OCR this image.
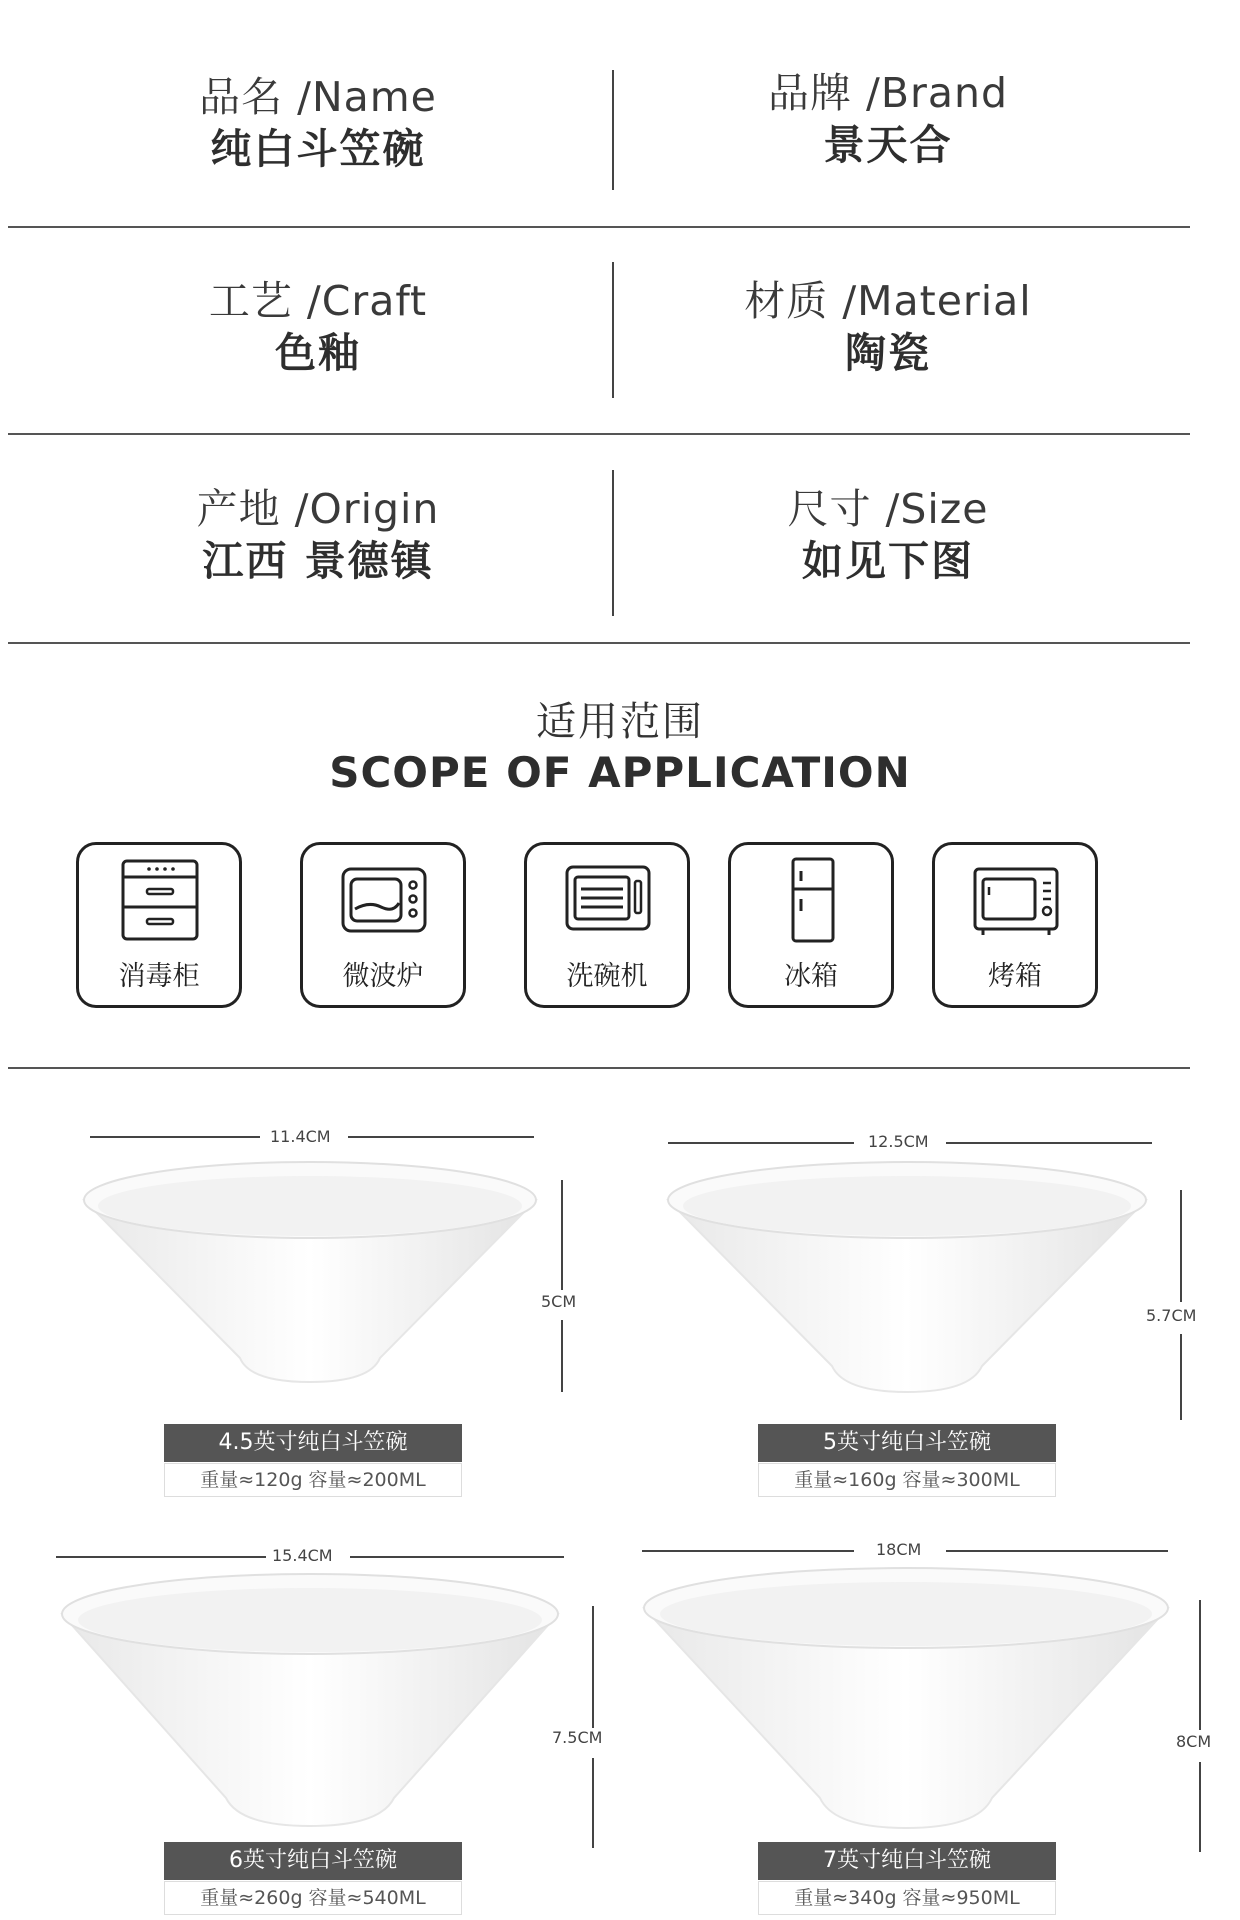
品名 /Name
纯白斗笠碗
品牌 /Brand
景天合
工艺 /Craft
色釉
材质 /Material
陶瓷
产地 /Origin
江西 景德镇
尺寸 /Size
如见下图
适用范围
SCOPE OF APPLICATION
消毒柜	微波炉	洗碗机	冰箱	烤箱
11.4CM
5CM
4.5英寸纯白斗笠碗
重量≈120g 容量≈200ML
12.5CM
5.7CM
5英寸纯白斗笠碗
重量≈160g 容量≈300ML
15.4CM
7.5CM
6英寸纯白斗笠碗
重量≈260g 容量≈540ML
18CM
8CM
7英寸纯白斗笠碗
重量≈340g 容量≈950ML
